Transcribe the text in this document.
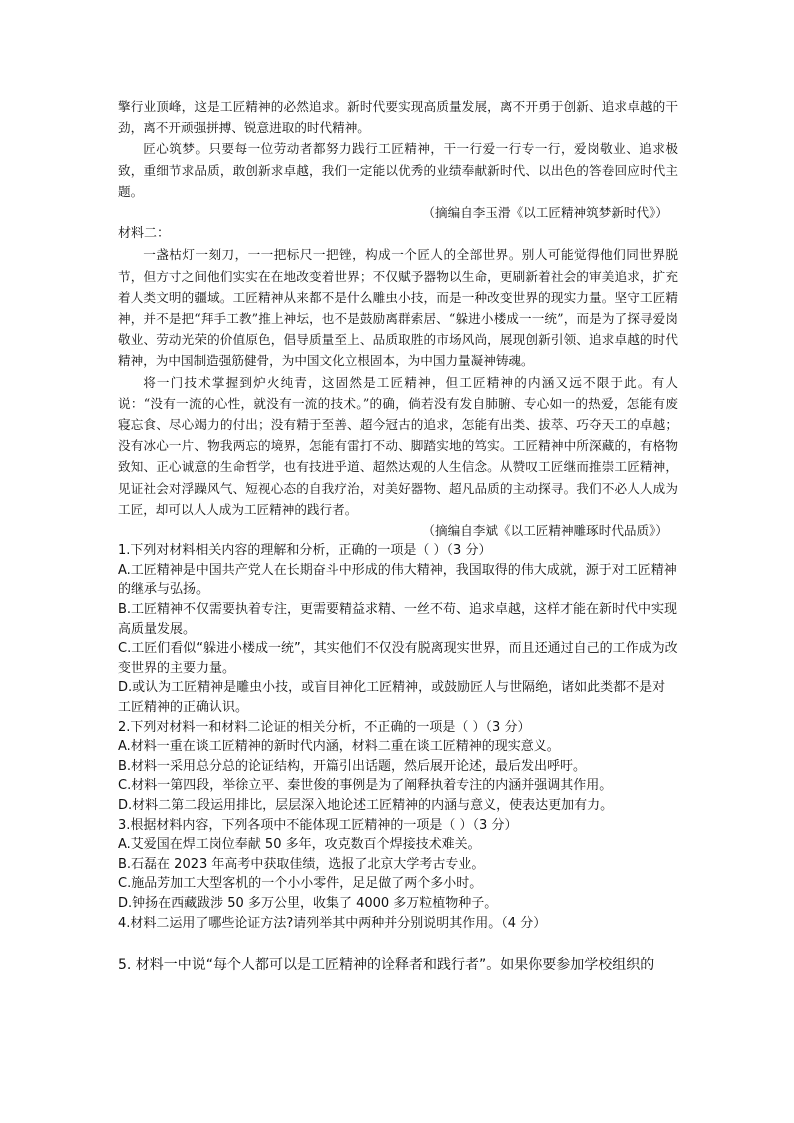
擎行业顶峰，这是工匠精神的必然追求。新时代要实现高质量发展，离不开勇于创新、追求卓越的干劲，离不开顽强拼搏、锐意进取的时代精神。

匠心筑梦。只要每一位劳动者都努力践行工匠精神，干一行爱一行专一行，爱岗敬业、追求极致，重细节求品质，敢创新求卓越，我们一定能以优秀的业绩奉献新时代、以出色的答卷回应时代主题。

（摘编自李玉滑《以工匠精神筑梦新时代》）

材料二：

一盏枯灯一刻刀，一一把标尺一把锉，构成一个匠人的全部世界。别人可能觉得他们同世界脱节，但方寸之间他们实实在在地改变着世界；不仅赋予器物以生命，更刷新着社会的审美追求，扩充着人类文明的疆域。工匠精神从来都不是什么雕虫小技，而是一种改变世界的现实力量。坚守工匠精神，并不是把“拜手工教”推上神坛，也不是鼓励离群索居、“躲进小楼成一一统”，而是为了探寻爱岗敬业、劳动光荣的价值原色，倡导质量至上、品质取胜的市场风尚，展现创新引领、追求卓越的时代精神，为中国制造强筋健骨，为中国文化立根固本，为中国力量凝神铸魂。

将一门技术掌握到炉火纯青，这固然是工匠精神，但工匠精神的内涵又远不限于此。有人说：“没有一流的心性，就没有一流的技术。”的确，倘若没有发自肺腑、专心如一的热爱，怎能有废寝忘食、尽心竭力的付出；没有精于至善、超今冠古的追求，怎能有出类、拔萃、巧夺天工的卓越；没有冰心一片、物我两忘的境界，怎能有雷打不动、脚踏实地的笃实。工匠精神中所深藏的，有格物致知、正心诚意的生命哲学，也有技进乎道、超然达观的人生信念。从赞叹工匠继而推崇工匠精神，见证社会对浮躁风气、短视心态的自我疗治，对美好器物、超凡品质的主动探寻。我们不必人人成为工匠，却可以人人成为工匠精神的践行者。

（摘编自李斌《以工匠精神雕琢时代品质》）

1.下列对材料相关内容的理解和分析，正确的一项是（ ）（3 分）

A.工匠精神是中国共产党人在长期奋斗中形成的伟大精神，我国取得的伟大成就，源于对工匠精神的继承与弘扬。

B.工匠精神不仅需要执着专注，更需要精益求精、一丝不苟、追求卓越，这样才能在新时代中实现高质量发展。

C.工匠们看似“躲进小楼成一统”，其实他们不仅没有脱离现实世界，而且还通过自己的工作成为改变世界的主要力量。

D.或认为工匠精神是雕虫小技，或盲目神化工匠精神，或鼓励匠人与世隔绝，诸如此类都不是对工匠精神的正确认识。

2.下列对材料一和材料二论证的相关分析，不正确的一项是（ ）（3 分）

A.材料一重在谈工匠精神的新时代内涵，材料二重在谈工匠精神的现实意义。

B.材料一采用总分总的论证结构，开篇引出话题，然后展开论述，最后发出呼吁。

C.材料一第四段，举徐立平、秦世俊的事例是为了阐释执着专注的内涵并强调其作用。

D.材料二第二段运用排比，层层深入地论述工匠精神的内涵与意义，使表达更加有力。

3.根据材料内容，下列各项中不能体现工匠精神的一项是（ ）（3 分）

A.艾爱国在焊工岗位奉献 50 多年，攻克数百个焊接技术难关。

B.石磊在 2023 年高考中获取佳绩，选报了北京大学考古专业。

C.施品芳加工大型客机的一个小小零件，足足做了两个多小时。

D.钟扬在西藏跋涉 50 多万公里，收集了 4000 多万粒植物种子。

4.材料二运用了哪些论证方法?请列举其中两种并分别说明其作用。（4 分）

5. 材料一中说“每个人都可以是工匠精神的诠释者和践行者”。如果你要参加学校组织的
